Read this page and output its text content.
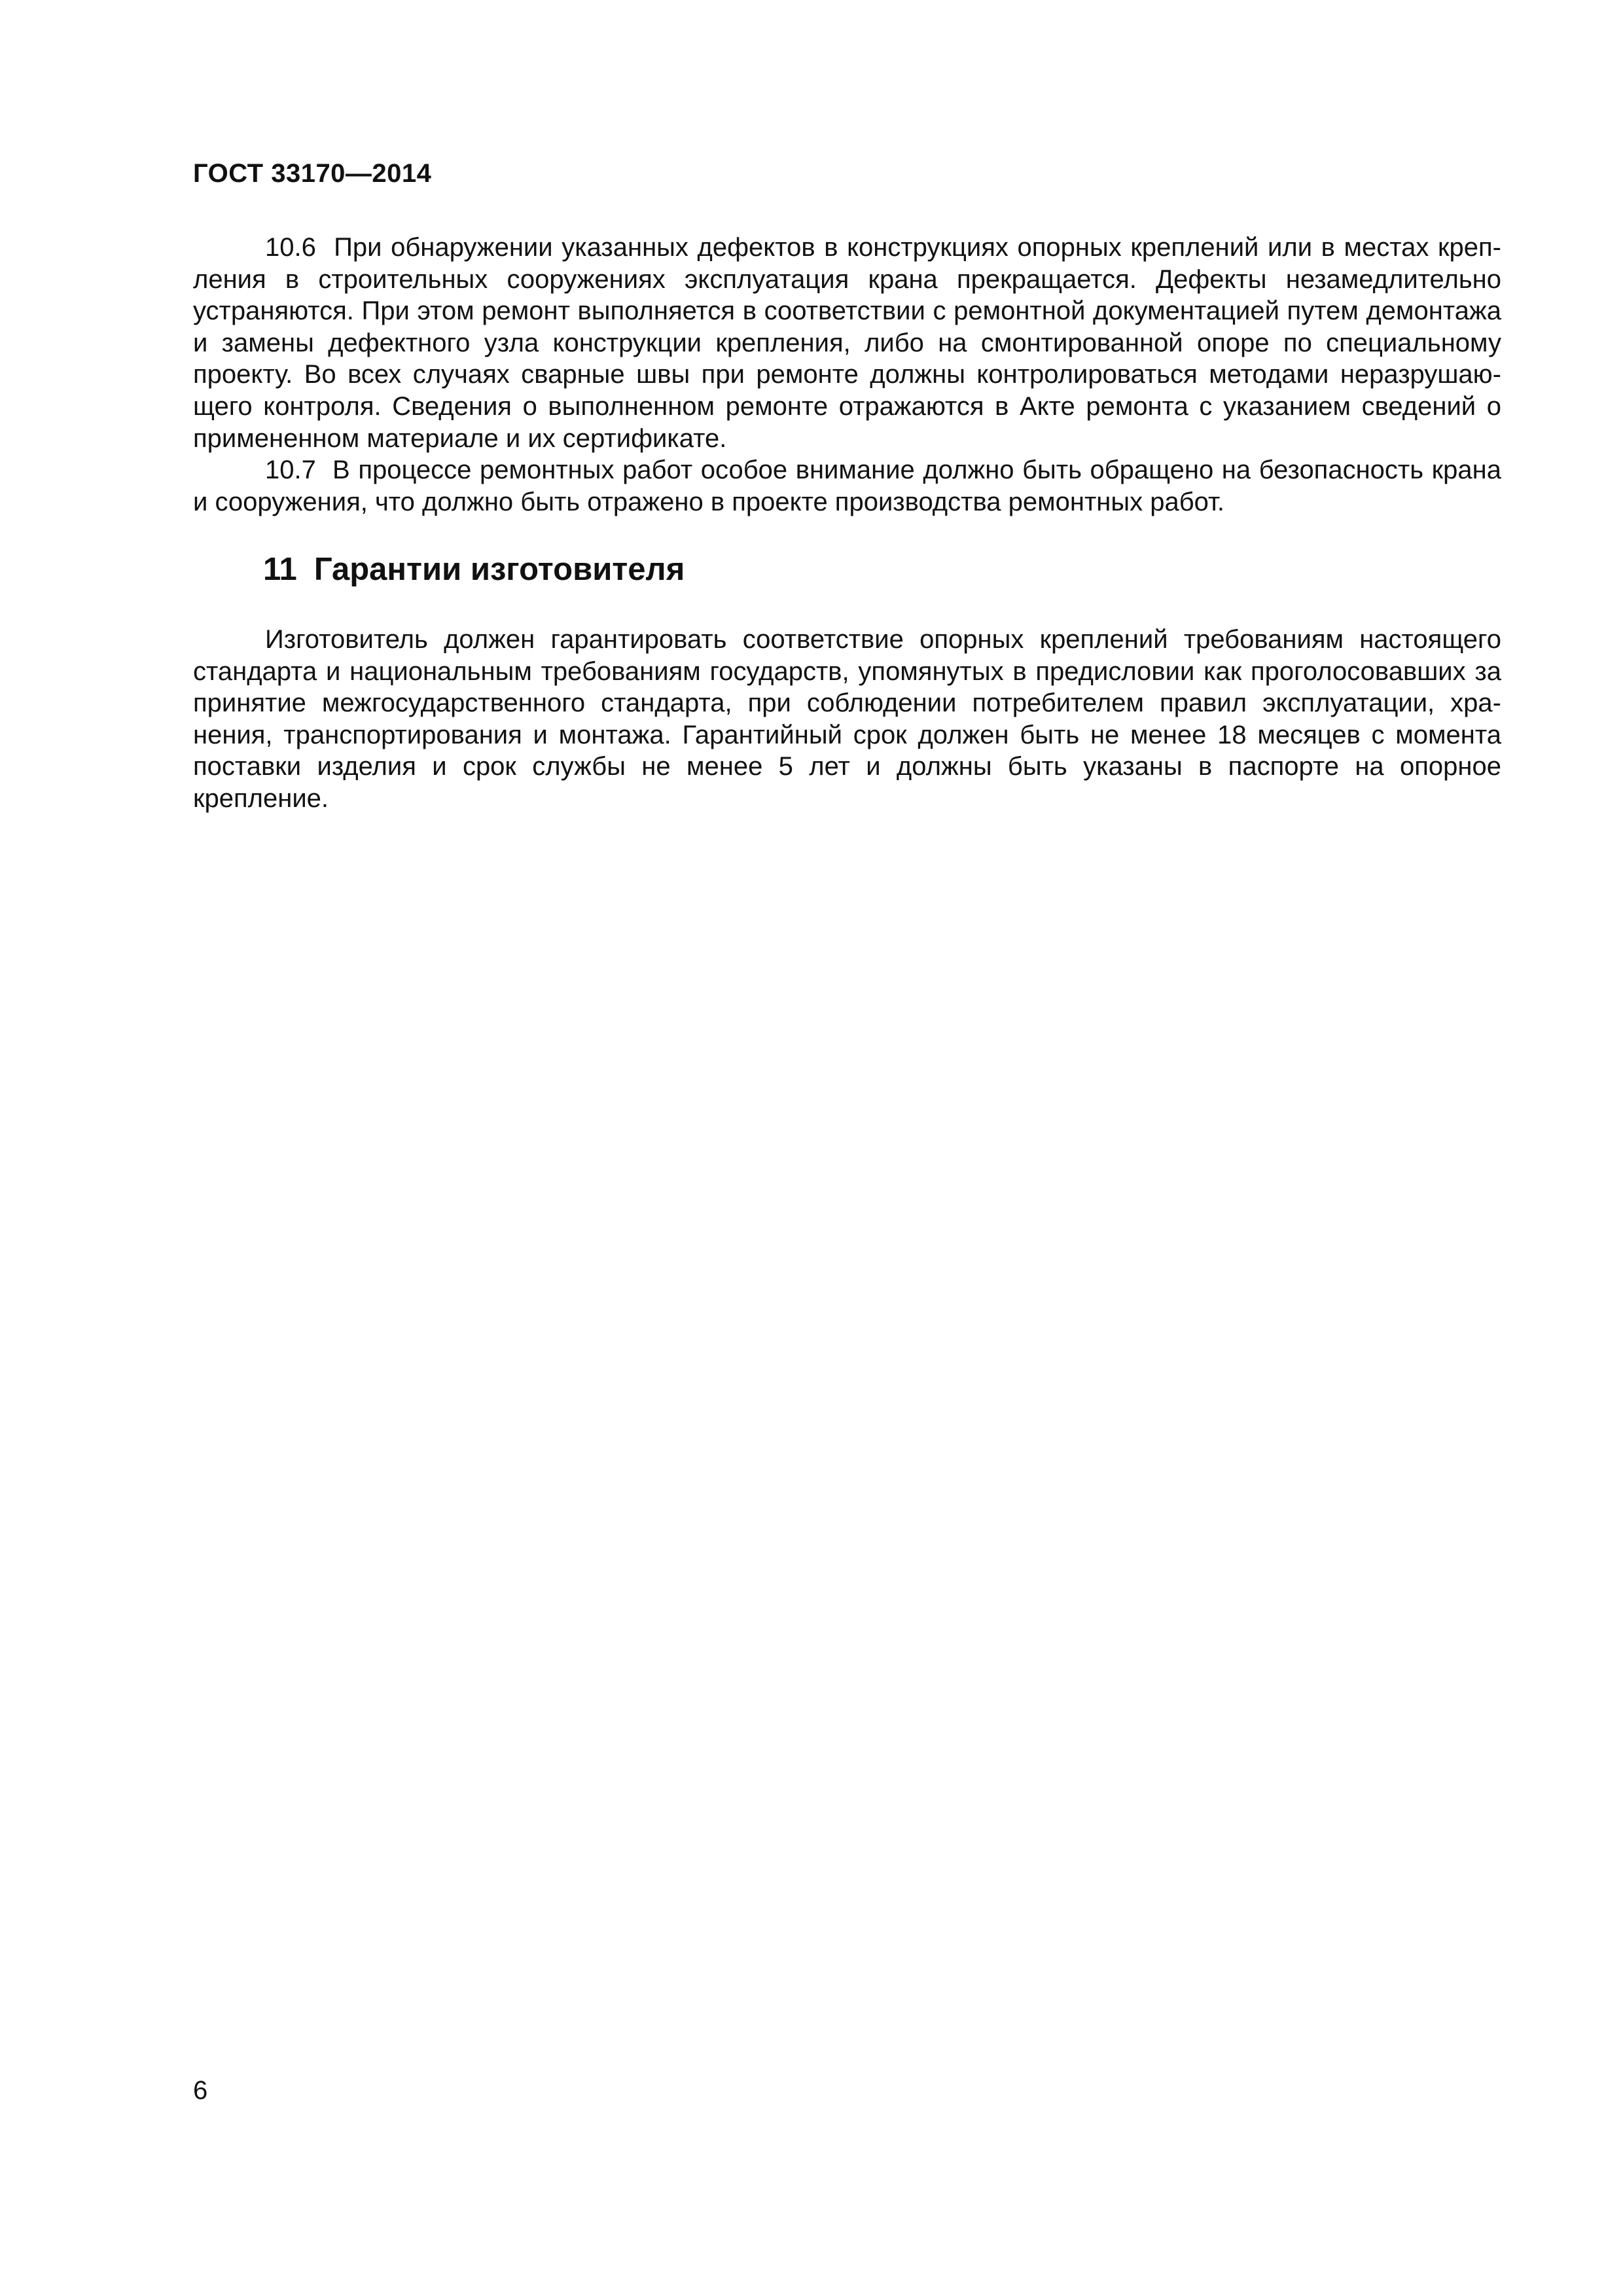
ГОСТ 33170—2014

10.6 При обнаружении указанных дефектов в конструкциях опорных креплений или в местах крепления в строительных сооружениях эксплуатация крана прекращается. Дефекты незамедлительно устраняются. При этом ремонт выполняется в соответствии с ремонтной документацией путем демонтажа и замены дефектного узла конструкции крепления, либо на смонтированной опоре по специальному проекту. Во всех случаях сварные швы при ремонте должны контролироваться методами неразрушающего контроля. Сведения о выполненном ремонте отражаются в Акте ремонта с указанием сведений о примененном материале и их сертификате.

10.7 В процессе ремонтных работ особое внимание должно быть обращено на безопасность крана и сооружения, что должно быть отражено в проекте производства ремонтных работ.

11 Гарантии изготовителя

Изготовитель должен гарантировать соответствие опорных креплений требованиям настоящего стандарта и национальным требованиям государств, упомянутых в предисловии как проголосовавших за принятие межгосударственного стандарта, при соблюдении потребителем правил эксплуатации, хранения, транспортирования и монтажа. Гарантийный срок должен быть не менее 18 месяцев с момента поставки изделия и срок службы не менее 5 лет и должны быть указаны в паспорте на опорное крепление.

6
